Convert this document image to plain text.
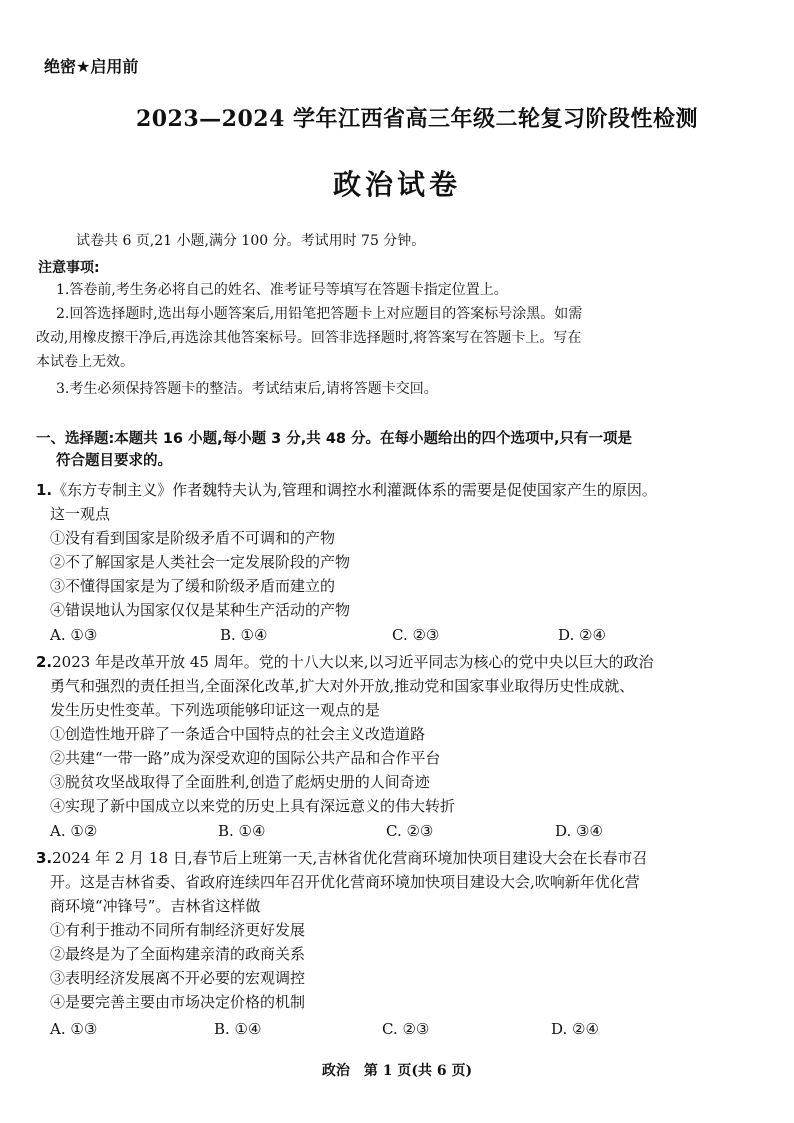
绝密★启用前
2023—2024 学年江西省高三年级二轮复习阶段性检测
政治试卷
试卷共 6 页,21 小题,满分 100 分。考试用时 75 分钟。
注意事项:
1.答卷前,考生务必将自己的姓名、准考证号等填写在答题卡指定位置上。
2.回答选择题时,选出每小题答案后,用铅笔把答题卡上对应题目的答案标号涂黑。如需
改动,用橡皮擦干净后,再选涂其他答案标号。回答非选择题时,将答案写在答题卡上。写在
本试卷上无效。
3.考生必须保持答题卡的整洁。考试结束后,请将答题卡交回。
一、选择题:本题共 16 小题,每小题 3 分,共 48 分。在每小题给出的四个选项中,只有一项是
符合题目要求的。
1.《东方专制主义》作者魏特夫认为,管理和调控水利灌溉体系的需要是促使国家产生的原因。
这一观点
①没有看到国家是阶级矛盾不可调和的产物
②不了解国家是人类社会一定发展阶段的产物
③不懂得国家是为了缓和阶级矛盾而建立的
④错误地认为国家仅仅是某种生产活动的产物
A. ①③	B. ①④	C. ②③	D. ②④
2.2023 年是改革开放 45 周年。党的十八大以来,以习近平同志为核心的党中央以巨大的政治
勇气和强烈的责任担当,全面深化改革,扩大对外开放,推动党和国家事业取得历史性成就、
发生历史性变革。下列选项能够印证这一观点的是
①创造性地开辟了一条适合中国特点的社会主义改造道路
②共建“一带一路”成为深受欢迎的国际公共产品和合作平台
③脱贫攻坚战取得了全面胜利,创造了彪炳史册的人间奇迹
④实现了新中国成立以来党的历史上具有深远意义的伟大转折
A. ①②	B. ①④	C. ②③	D. ③④
3.2024 年 2 月 18 日,春节后上班第一天,吉林省优化营商环境加快项目建设大会在长春市召
开。这是吉林省委、省政府连续四年召开优化营商环境加快项目建设大会,吹响新年优化营
商环境“冲锋号”。吉林省这样做
①有利于推动不同所有制经济更好发展
②最终是为了全面构建亲清的政商关系
③表明经济发展离不开必要的宏观调控
④是要完善主要由市场决定价格的机制
A. ①③	B. ①④	C. ②③	D. ②④
政治　第 1 页(共 6 页)
